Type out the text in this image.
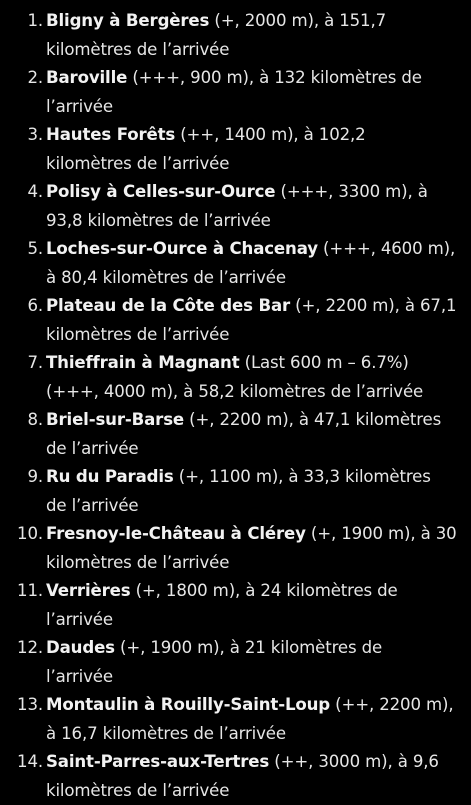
1. Bligny à Bergères (+, 2000 m), à 151,7
kilomètres de l’arrivée
2. Baroville (+++, 900 m), à 132 kilomètres de
l’arrivée
3. Hautes Forêts (++, 1400 m), à 102,2
kilomètres de l’arrivée
4. Polisy à Celles-sur-Ource (+++, 3300 m), à
93,8 kilomètres de l’arrivée
5. Loches-sur-Ource à Chacenay (+++, 4600 m),
à 80,4 kilomètres de l’arrivée
6. Plateau de la Côte des Bar (+, 2200 m), à 67,1
kilomètres de l’arrivée
7. Thieffrain à Magnant (Last 600 m – 6.7%)
(+++, 4000 m), à 58,2 kilomètres de l’arrivée
8. Briel-sur-Barse (+, 2200 m), à 47,1 kilomètres
de l’arrivée
9. Ru du Paradis (+, 1100 m), à 33,3 kilomètres
de l’arrivée
10. Fresnoy-le-Château à Clérey (+, 1900 m), à 30
kilomètres de l’arrivée
11. Verrières (+, 1800 m), à 24 kilomètres de
l’arrivée
12. Daudes (+, 1900 m), à 21 kilomètres de
l’arrivée
13. Montaulin à Rouilly-Saint-Loup (++, 2200 m),
à 16,7 kilomètres de l’arrivée
14. Saint-Parres-aux-Tertres (++, 3000 m), à 9,6
kilomètres de l’arrivée
